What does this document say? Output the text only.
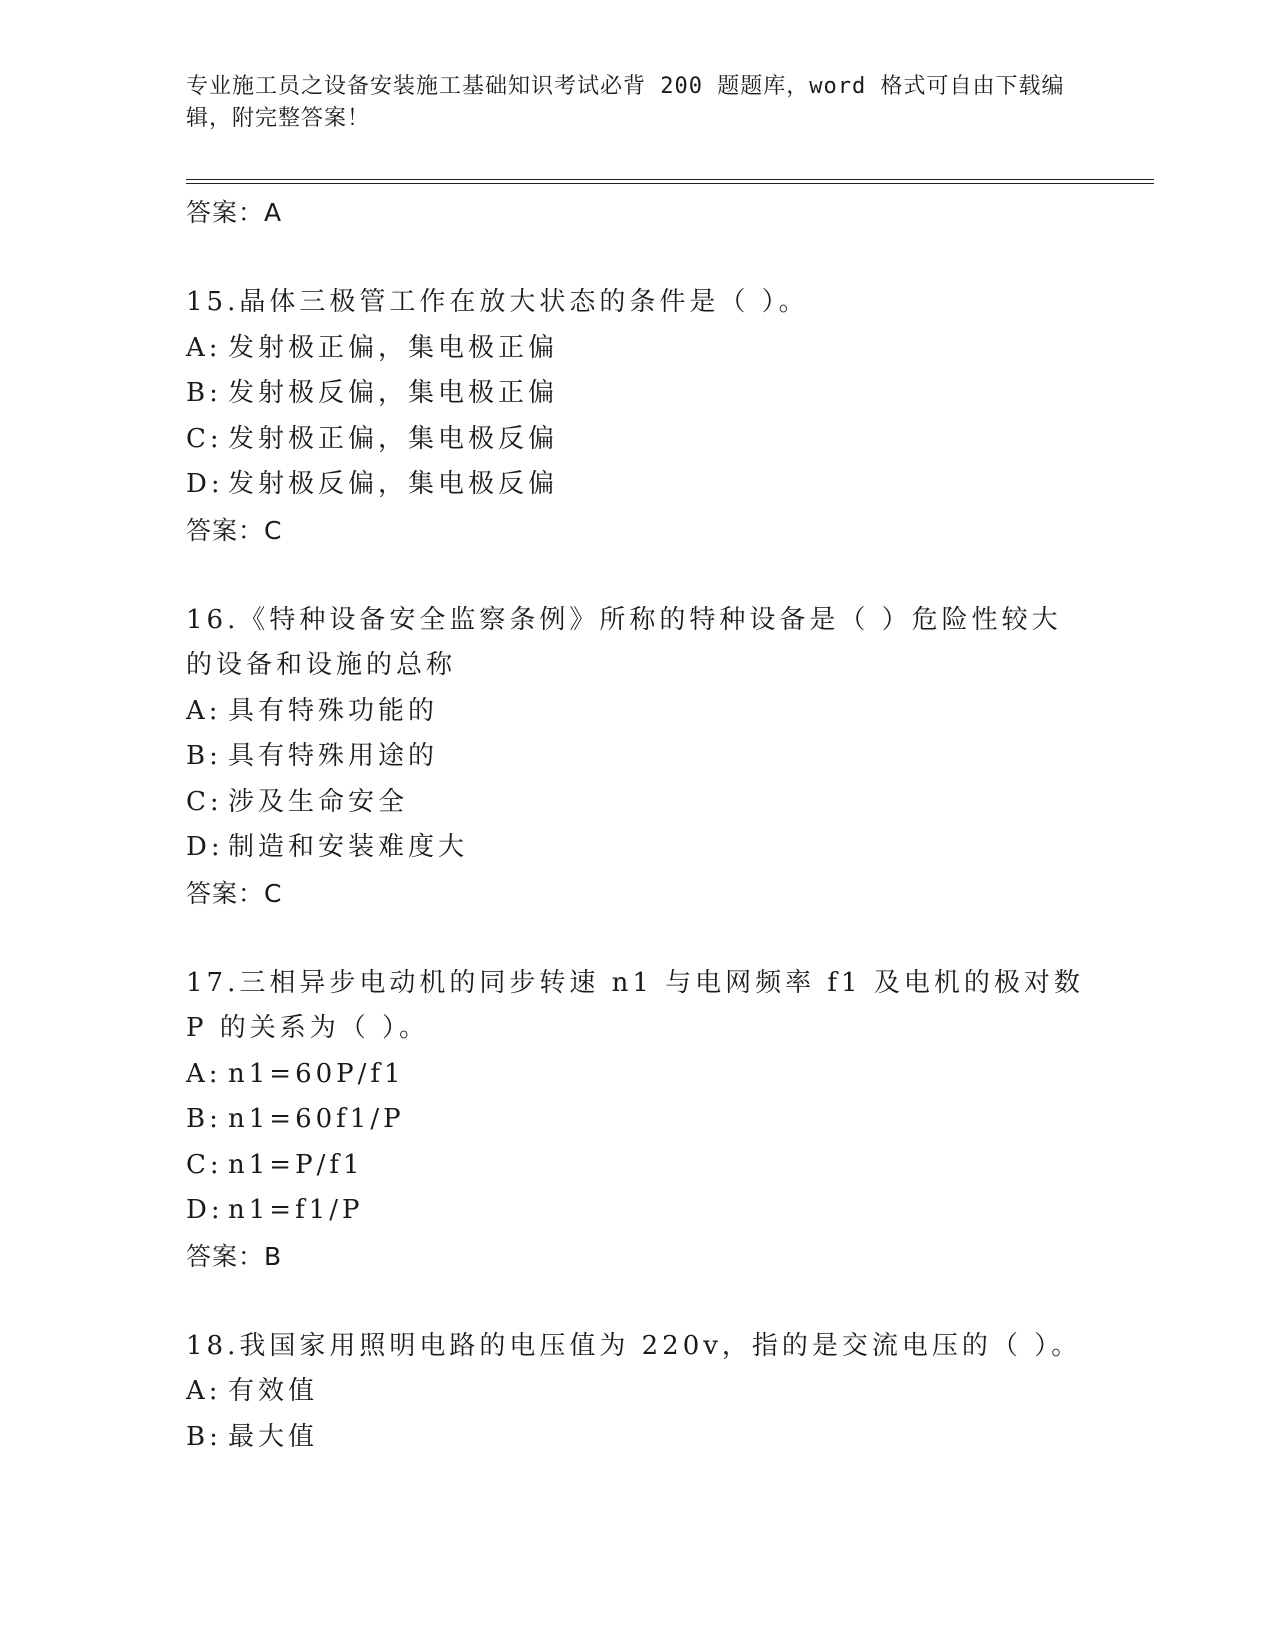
专业施工员之设备安装施工基础知识考试必背 200 题题库，word 格式可自由下载编辑，附完整答案！
答案：A
15.晶体三极管工作在放大状态的条件是（ ）。
A: 发射极正偏，集电极正偏
B: 发射极反偏，集电极正偏
C: 发射极正偏，集电极反偏
D: 发射极反偏，集电极反偏
答案：C
16.《特种设备安全监察条例》所称的特种设备是（ ）危险性较大的设备和设施的总称
A: 具有特殊功能的
B: 具有特殊用途的
C: 涉及生命安全
D: 制造和安装难度大
答案：C
17.三相异步电动机的同步转速 n1 与电网频率 f1 及电机的极对数 P 的关系为（ ）。
A: n1=60P/f1
B: n1=60f1/P
C: n1=P/f1
D: n1=f1/P
答案：B
18.我国家用照明电路的电压值为 220v，指的是交流电压的（ ）。
A: 有效值
B: 最大值
